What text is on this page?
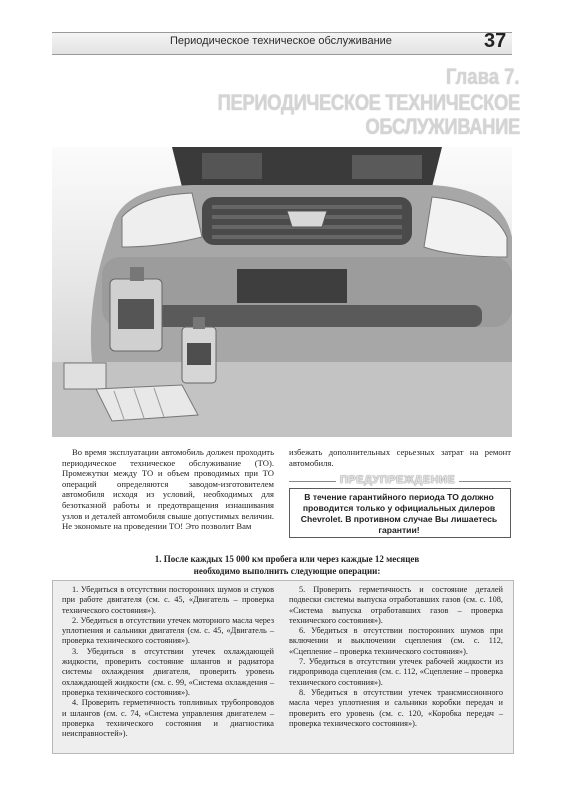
Периодическое техническое обслуживание	37
Глава 7.
ПЕРИОДИЧЕСКОЕ ТЕХНИЧЕСКОЕ
ОБСЛУЖИВАНИЕ
Во время эксплуатации автомобиль должен проходить периодическое техническое обслуживание (ТО). Промежутки между ТО и объем проводимых при ТО операций определяются заводом-изготовителем автомобиля исходя из условий, необходимых для безотказной работы и предотвращения изнашивания узлов и деталей автомобиля свыше допустимых величин. Не экономьте на проведении ТО! Это позволит Вам
избежать дополнительных серьезных затрат на ремонт автомобиля.
ПРЕДУПРЕЖДЕНИЕ
В течение гарантийного периода ТО должно проводится только у официальных дилеров Chevrolet. В противном случае Вы лишаетесь гарантии!
1. После каждых 15 000 км пробега или через каждые 12 месяцев
необходимо выполнить следующие операции:

1. Убедиться в отсутствии посторонних шумов и стуков при работе двигателя (см. с. 45, «Двигатель – проверка технического состояния»).

2. Убедиться в отсутствии утечек моторного масла через уплотнения и сальники двигателя (см. с. 45, «Двигатель – проверка технического состояния»).

3. Убедиться в отсутствии утечек охлаждающей жидкости, проверить состояние шлангов и радиатора системы охлаждения двигателя, проверить уровень охлаждающей жидкости (см. с. 99, «Система охлаждения – проверка технического состояния»).

4. Проверить герметичность топливных трубопроводов и шлангов (см. с. 74, «Система управления двигателем – проверка технического состояния и диагностика неисправностей»).

5. Проверить герметичность и состояние деталей подвески системы выпуска отработавших газов (см. с. 108, «Система выпуска отработавших газов – проверка технического состояния»).

6. Убедиться в отсутствии посторонних шумов при включении и выключении сцепления (см. с. 112, «Сцепление – проверка технического состояния»).

7. Убедиться в отсутствии утечек рабочей жидкости из гидропривода сцепления (см. с. 112, «Сцепление – проверка технического состояния»).

8. Убедиться в отсутствии утечек трансмиссионного масла через уплотнения и сальники коробки передач и проверить его уровень (см. с. 120, «Коробка передач – проверка технического состояния»).
